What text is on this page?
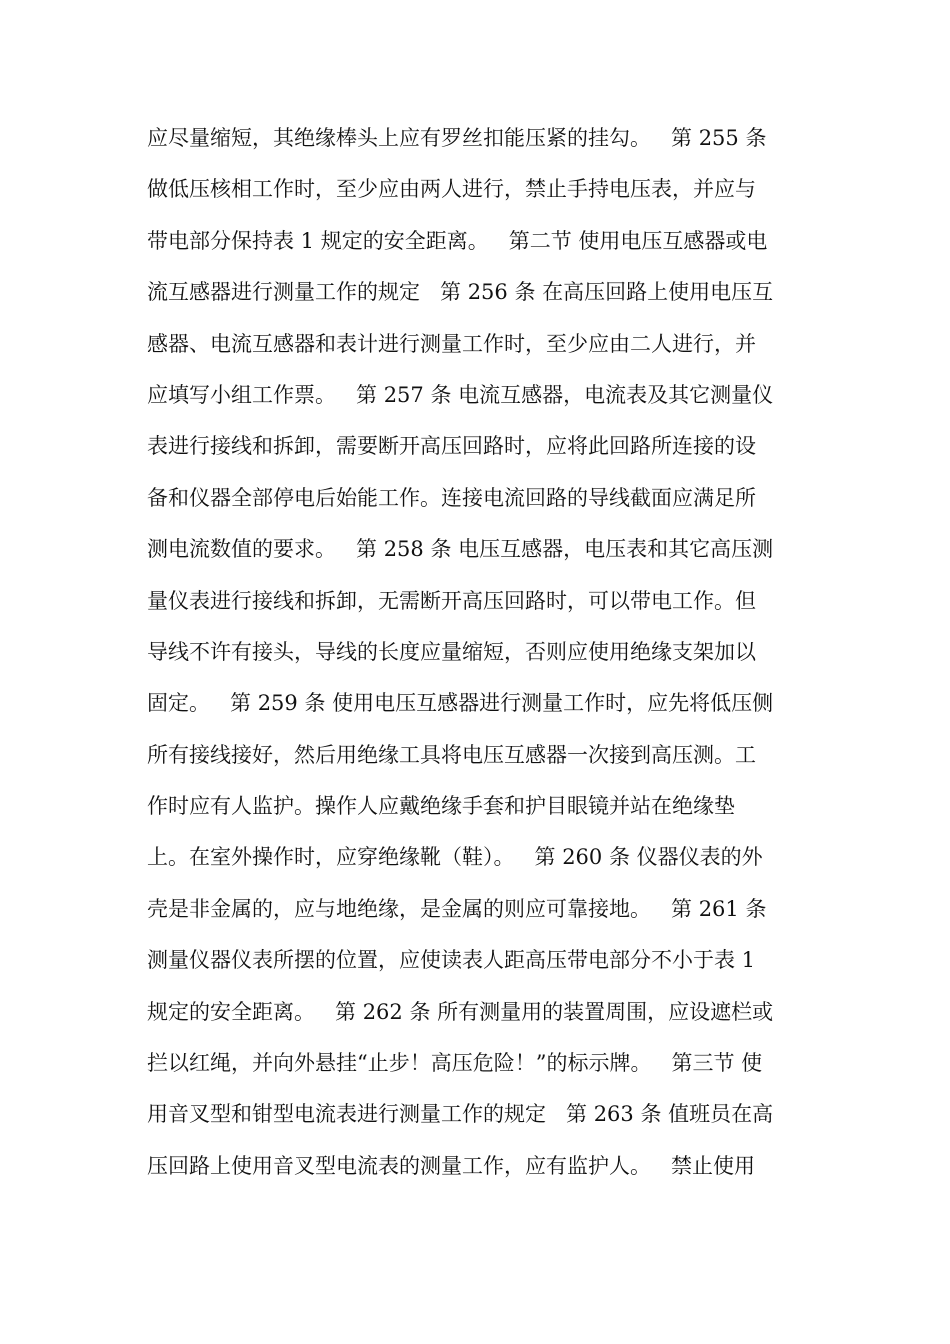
应尽量缩短，其绝缘棒头上应有罗丝扣能压紧的挂勾。   第 255 条
做低压核相工作时，至少应由两人进行，禁止手持电压表，并应与
带电部分保持表 1 规定的安全距离。   第二节 使用电压互感器或电
流互感器进行测量工作的规定   第 256 条 在高压回路上使用电压互
感器、电流互感器和表计进行测量工作时，至少应由二人进行，并
应填写小组工作票。   第 257 条 电流互感器，电流表及其它测量仪
表进行接线和拆卸，需要断开高压回路时，应将此回路所连接的设
备和仪器全部停电后始能工作。连接电流回路的导线截面应满足所
测电流数值的要求。   第 258 条 电压互感器，电压表和其它高压测
量仪表进行接线和拆卸，无需断开高压回路时，可以带电工作。但
导线不许有接头，导线的长度应量缩短，否则应使用绝缘支架加以
固定。   第 259 条 使用电压互感器进行测量工作时，应先将低压侧
所有接线接好，然后用绝缘工具将电压互感器一次接到高压测。工
作时应有人监护。操作人应戴绝缘手套和护目眼镜并站在绝缘垫
上。在室外操作时，应穿绝缘靴（鞋）。   第 260 条 仪器仪表的外
壳是非金属的，应与地绝缘，是金属的则应可靠接地。   第 261 条
测量仪器仪表所摆的位置，应使读表人距高压带电部分不小于表 1
规定的安全距离。   第 262 条 所有测量用的装置周围，应设遮栏或
拦以红绳，并向外悬挂“止步！高压危险！”的标示牌。   第三节 使
用音叉型和钳型电流表进行测量工作的规定   第 263 条 值班员在高
压回路上使用音叉型电流表的测量工作，应有监护人。   禁止使用
